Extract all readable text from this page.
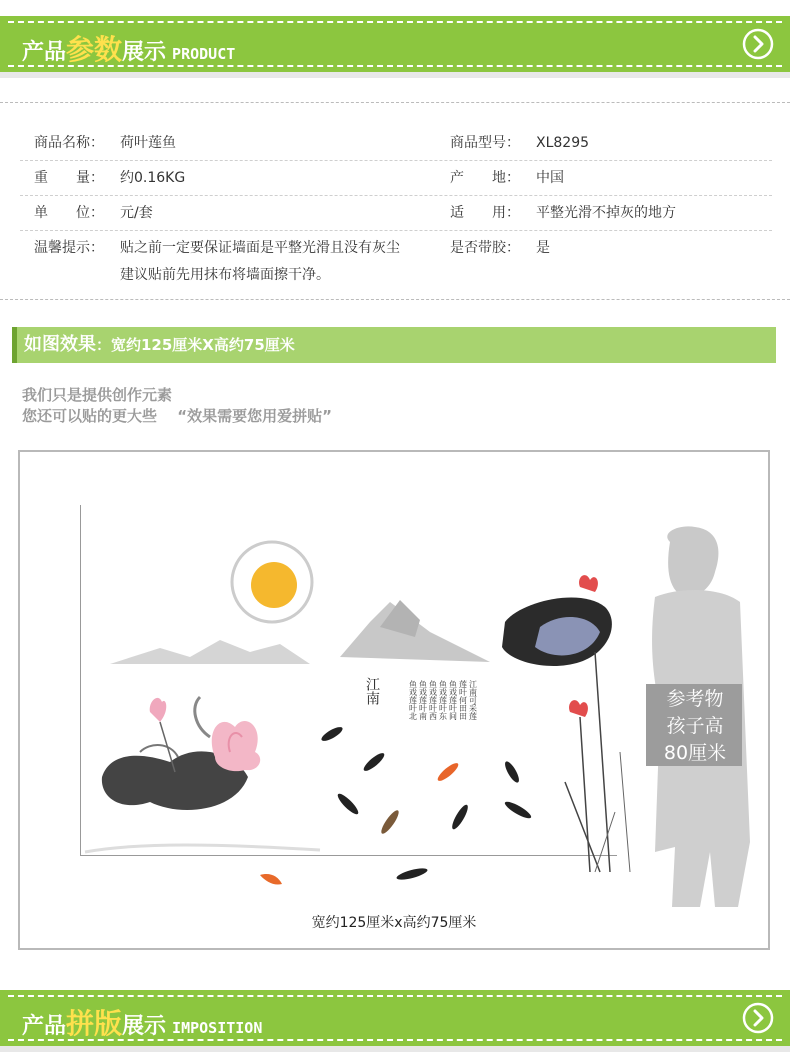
产品 参数 展示 PRODUCT
商品名称： 荷叶莲鱼	商品型号： XL8295
重　　量： 约0.16KG	产　　地： 中国
单　　位： 元/套	适　　用： 平整光滑不掉灰的地方
温馨提示： 贴之前一定要保证墙面是平整光滑且没有灰尘
建议贴前先用抹布将墙面擦干净。
是否带胶： 是
如图效果：宽约125厘米X高约75厘米
我们只是提供创作元素
您还可以贴的更大些　 “效果需要您用爱拼贴”
江南	江南可采莲
莲叶何田田
鱼戏莲叶间
鱼戏莲叶东
鱼戏莲叶西
鱼戏莲叶南
鱼戏莲叶北	参考物
孩子高
80厘米
宽约125厘米x高约75厘米
产品 拼版 展示 IMPOSITION
